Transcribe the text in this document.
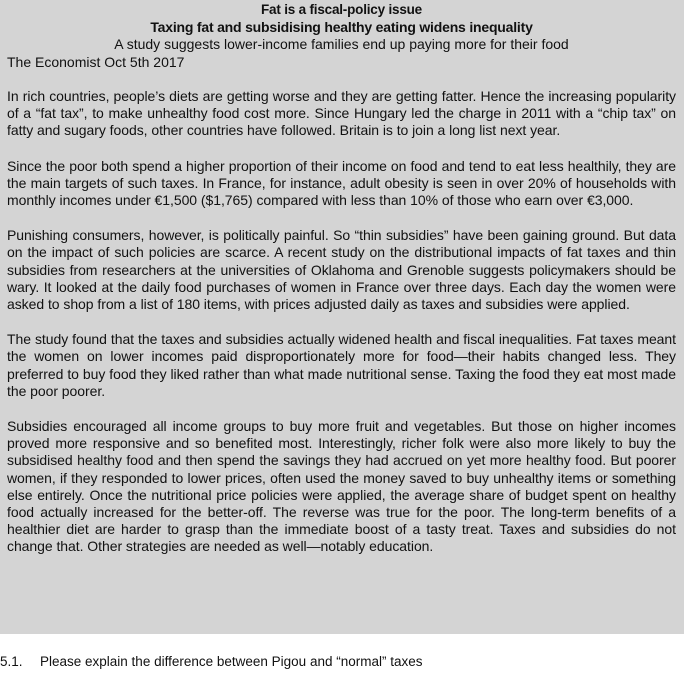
Fat is a fiscal-policy issue
Taxing fat and subsidising healthy eating widens inequality
A study suggests lower-income families end up paying more for their food
The Economist Oct 5th 2017

In rich countries, people’s diets are getting worse and they are getting fatter. Hence the increasing popularity of a “fat tax”, to make unhealthy food cost more. Since Hungary led the charge in 2011 with a “chip tax” on fatty and sugary foods, other countries have followed. Britain is to join a long list next year.

Since the poor both spend a higher proportion of their income on food and tend to eat less healthily, they are the main targets of such taxes. In France, for instance, adult obesity is seen in over 20% of households with monthly incomes under €1,500 ($1,765) compared with less than 10% of those who earn over €3,000.

Punishing consumers, however, is politically painful. So “thin subsidies” have been gaining ground. But data on the impact of such policies are scarce. A recent study on the distributional impacts of fat taxes and thin subsidies from researchers at the universities of Oklahoma and Grenoble suggests policymakers should be wary. It looked at the daily food purchases of women in France over three days. Each day the women were asked to shop from a list of 180 items, with prices adjusted daily as taxes and subsidies were applied.

The study found that the taxes and subsidies actually widened health and fiscal inequalities. Fat taxes meant the women on lower incomes paid disproportionately more for food—their habits changed less. They preferred to buy food they liked rather than what made nutritional sense. Taxing the food they eat most made the poor poorer.

Subsidies encouraged all income groups to buy more fruit and vegetables. But those on higher incomes proved more responsive and so benefited most. Interestingly, richer folk were also more likely to buy the subsidised healthy food and then spend the savings they had accrued on yet more healthy food. But poorer women, if they responded to lower prices, often used the money saved to buy unhealthy items or something else entirely. Once the nutritional price policies were applied, the average share of budget spent on healthy food actually increased for the better-off. The reverse was true for the poor. The long-term benefits of a healthier diet are harder to grasp than the immediate boost of a tasty treat. Taxes and subsidies do not change that. Other strategies are needed as well—notably education.

5.1. Please explain the difference between Pigou and “normal” taxes
